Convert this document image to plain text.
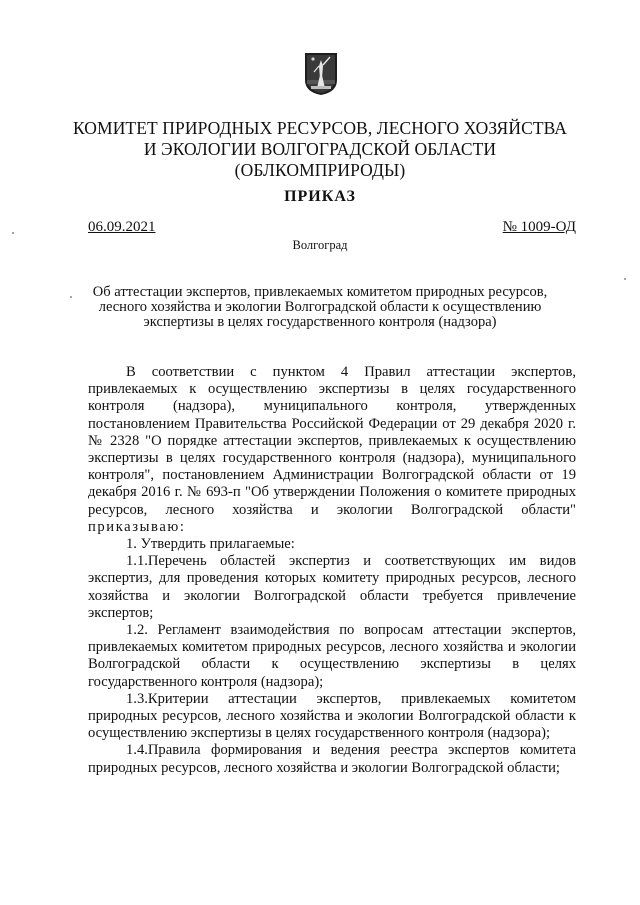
КОМИТЕТ ПРИРОДНЫХ РЕСУРСОВ, ЛЕСНОГО ХОЗЯЙСТВА
И ЭКОЛОГИИ ВОЛГОГРАДСКОЙ ОБЛАСТИ
(ОБЛКОМПРИРОДЫ)
ПРИКАЗ
06.09.2021	№ 1009-ОД
Волгоград
Об аттестации экспертов, привлекаемых комитетом природных ресурсов,
лесного хозяйства и экологии Волгоградской области к осуществлению
экспертизы в целях государственного контроля (надзора)

В соответствии с пунктом 4 Правил аттестации экспертов, привлекаемых к осуществлению экспертизы в целях государственного контроля (надзора), муниципального контроля, утвержденных постановлением Правительства Российской Федерации от 29 декабря 2020 г. № 2328 "О порядке аттестации экспертов, привлекаемых к осуществлению экспертизы в целях государственного контроля (надзора), муниципального контроля", постановлением Администрации Волгоградской области от 19 декабря 2016 г. № 693-п "Об утверждении Положения о комитете природных ресурсов, лесного хозяйства и экологии Волгоградской области" приказываю:

1. Утвердить прилагаемые:

1.1.Перечень областей экспертиз и соответствующих им видов экспертиз, для проведения которых комитету природных ресурсов, лесного хозяйства и экологии Волгоградской области требуется привлечение экспертов;

1.2. Регламент взаимодействия по вопросам аттестации экспертов, привлекаемых комитетом природных ресурсов, лесного хозяйства и экологии Волгоградской области к осуществлению экспертизы в целях государственного контроля (надзора);

1.3.Критерии аттестации экспертов, привлекаемых комитетом природных ресурсов, лесного хозяйства и экологии Волгоградской области к осуществлению экспертизы в целях государственного контроля (надзора);

1.4.Правила формирования и ведения реестра экспертов комитета природных ресурсов, лесного хозяйства и экологии Волгоградской области;
